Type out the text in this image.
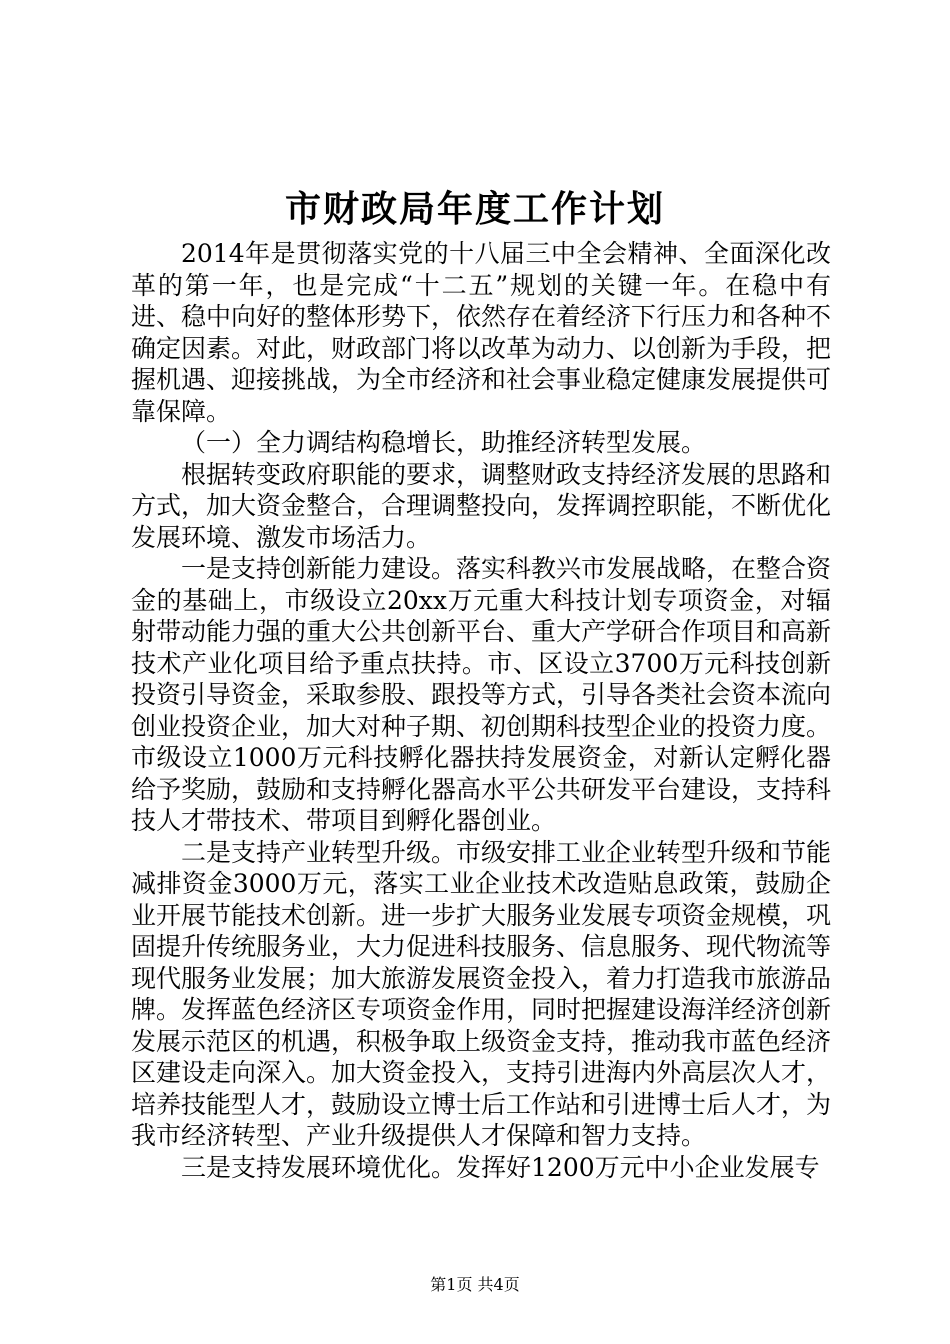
市财政局年度工作计划

2014年是贯彻落实党的十八届三中全会精神、全面深化改革的第一年，也是完成“十二五”规划的关键一年。在稳中有进、稳中向好的整体形势下，依然存在着经济下行压力和各种不确定因素。对此，财政部门将以改革为动力、以创新为手段，把握机遇、迎接挑战，为全市经济和社会事业稳定健康发展提供可靠保障。

（一）全力调结构稳增长，助推经济转型发展。

根据转变政府职能的要求，调整财政支持经济发展的思路和方式，加大资金整合，合理调整投向，发挥调控职能，不断优化发展环境、激发市场活力。

一是支持创新能力建设。落实科教兴市发展战略，在整合资金的基础上，市级设立20xx万元重大科技计划专项资金，对辐射带动能力强的重大公共创新平台、重大产学研合作项目和高新技术产业化项目给予重点扶持。市、区设立3700万元科技创新投资引导资金，采取参股、跟投等方式，引导各类社会资本流向创业投资企业，加大对种子期、初创期科技型企业的投资力度。市级设立1000万元科技孵化器扶持发展资金，对新认定孵化器给予奖励，鼓励和支持孵化器高水平公共研发平台建设，支持科技人才带技术、带项目到孵化器创业。

二是支持产业转型升级。市级安排工业企业转型升级和节能减排资金3000万元，落实工业企业技术改造贴息政策，鼓励企业开展节能技术创新。进一步扩大服务业发展专项资金规模，巩固提升传统服务业，大力促进科技服务、信息服务、现代物流等现代服务业发展；加大旅游发展资金投入，着力打造我市旅游品牌。发挥蓝色经济区专项资金作用，同时把握建设海洋经济创新发展示范区的机遇，积极争取上级资金支持，推动我市蓝色经济区建设走向深入。加大资金投入，支持引进海内外高层次人才，培养技能型人才，鼓励设立博士后工作站和引进博士后人才，为我市经济转型、产业升级提供人才保障和智力支持。

三是支持发展环境优化。发挥好1200万元中小企业发展专

第1页 共4页
